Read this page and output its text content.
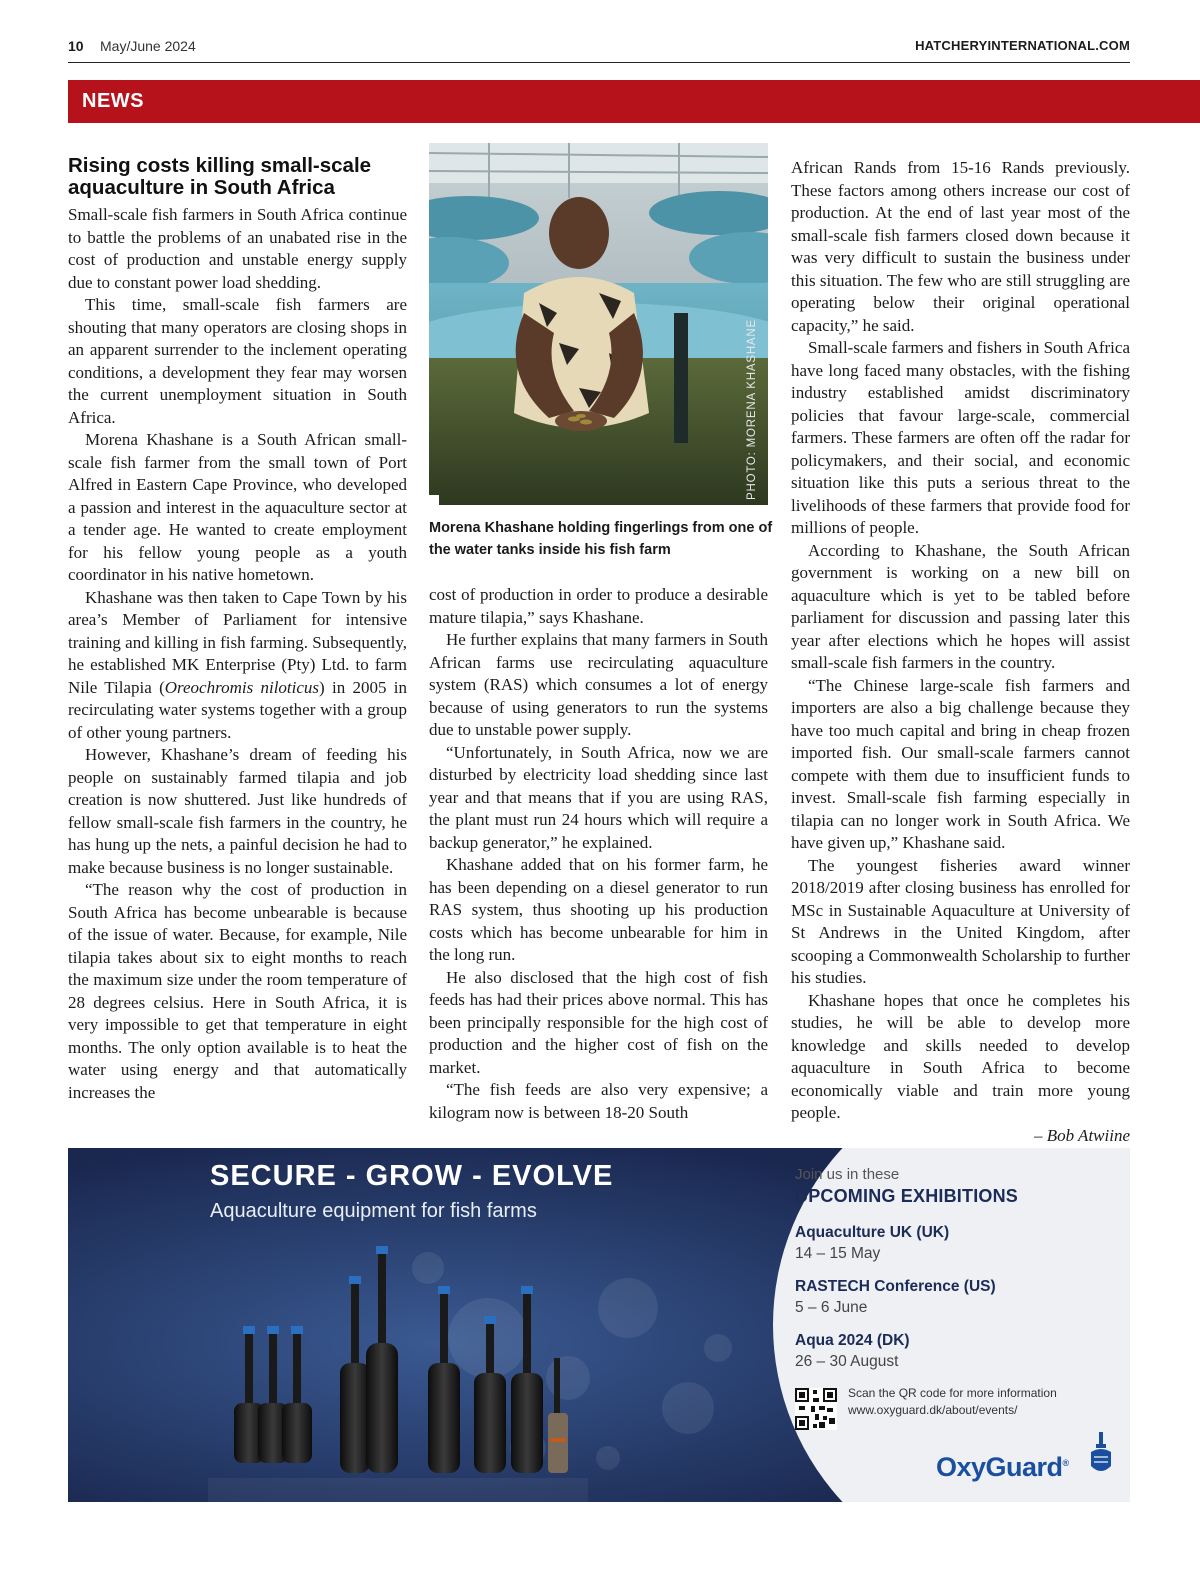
10 May/June 2024	HATCHERYINTERNATIONAL.COM
NEWS
Rising costs killing small-scale aquaculture in South Africa

Small-scale fish farmers in South Africa continue to battle the problems of an unabated rise in the cost of production and unstable energy supply due to constant power load shedding.

This time, small-scale fish farmers are shouting that many operators are closing shops in an apparent surrender to the inclement operating conditions, a development they fear may worsen the current unemployment situation in South Africa.

Morena Khashane is a South African small-scale fish farmer from the small town of Port Alfred in Eastern Cape Province, who developed a passion and interest in the aquaculture sector at a tender age. He wanted to create employment for his fellow young people as a youth coordinator in his native hometown.

Khashane was then taken to Cape Town by his area’s Member of Parliament for intensive training and killing in fish farming. Subsequently, he established MK Enterprise (Pty) Ltd. to farm Nile Tilapia (Oreochromis niloticus) in 2005 in recirculating water systems together with a group of other young partners.

However, Khashane’s dream of feeding his people on sustainably farmed tilapia and job creation is now shuttered. Just like hundreds of fellow small-scale fish farmers in the country, he has hung up the nets, a painful decision he had to make because business is no longer sustainable.

“The reason why the cost of production in South Africa has become unbearable is because of the issue of water. Because, for example, Nile tilapia takes about six to eight months to reach the maximum size under the room temperature of 28 degrees celsius. Here in South Africa, it is very impossible to get that temperature in eight months. The only option available is to heat the water using energy and that automatically increases the

PHOTO: MORENA KHASHANE
Morena Khashane holding fingerlings from one of the water tanks inside his fish farm

cost of production in order to produce a desirable mature tilapia,” says Khashane.

He further explains that many farmers in South African farms use recirculating aquaculture system (RAS) which consumes a lot of energy because of using generators to run the systems due to unstable power supply.

“Unfortunately, in South Africa, now we are disturbed by electricity load shedding since last year and that means that if you are using RAS, the plant must run 24 hours which will require a backup generator,” he explained.

Khashane added that on his former farm, he has been depending on a diesel generator to run RAS system, thus shooting up his production costs which has become unbearable for him in the long run.

He also disclosed that the high cost of fish feeds has had their prices above normal. This has been principally responsible for the high cost of production and the higher cost of fish on the market.

“The fish feeds are also very expensive; a kilogram now is between 18-20 South

African Rands from 15-16 Rands previously. These factors among others increase our cost of production. At the end of last year most of the small-scale fish farmers closed down because it was very difficult to sustain the business under this situation. The few who are still struggling are operating below their original operational capacity,” he said.

Small-scale farmers and fishers in South Africa have long faced many obstacles, with the fishing industry established amidst discriminatory policies that favour large-scale, commercial farmers. These farmers are often off the radar for policymakers, and their social, and economic situation like this puts a serious threat to the livelihoods of these farmers that provide food for millions of people.

According to Khashane, the South African government is working on a new bill on aquaculture which is yet to be tabled before parliament for discussion and passing later this year after elections which he hopes will assist small-scale fish farmers in the country.

“The Chinese large-scale fish farmers and importers are also a big challenge because they have too much capital and bring in cheap frozen imported fish. Our small-scale farmers cannot compete with them due to insufficient funds to invest. Small-scale fish farming especially in tilapia can no longer work in South Africa. We have given up,” Khashane said.

The youngest fisheries award winner 2018/2019 after closing business has enrolled for MSc in Sustainable Aquaculture at University of St Andrews in the United Kingdom, after scooping a Commonwealth Scholarship to further his studies.

Khashane hopes that once he completes his studies, he will be able to develop more knowledge and skills needed to develop aquaculture in South Africa to become economically viable and train more young people.

– Bob Atwiine
SECURE - GROW - EVOLVE
Aquaculture equipment for fish farms
Join us in these
UPCOMING EXHIBITIONS
Aquaculture UK (UK)
14 – 15 May
RASTECH Conference (US)
5 – 6 June
Aqua 2024 (DK)
26 – 30 August
Scan the QR code for more information
www.oxyguard.dk/about/events/
OxyGuard®
